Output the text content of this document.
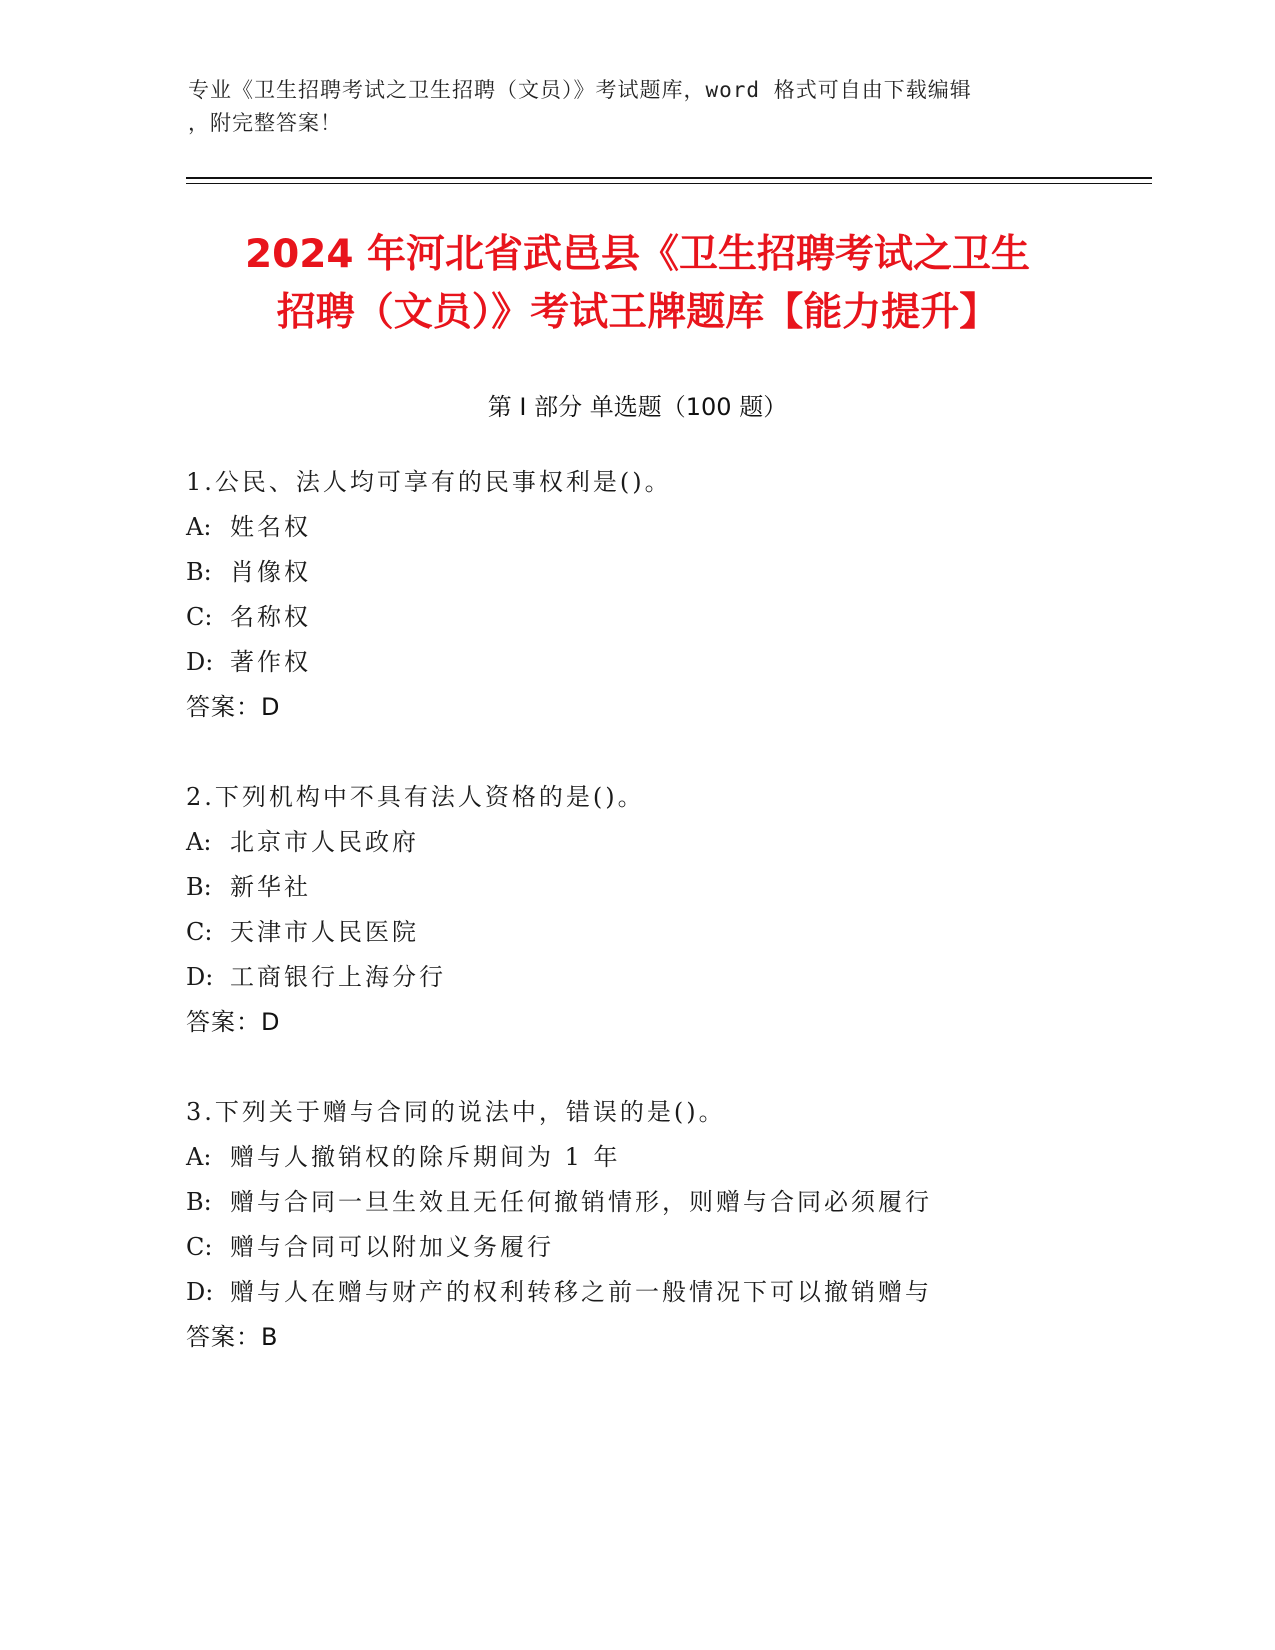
专业《卫生招聘考试之卫生招聘（文员）》考试题库，word 格式可自由下载编辑
，附完整答案！
2024 年河北省武邑县《卫生招聘考试之卫生
招聘（文员）》考试王牌题库【能力提升】
第 I 部分 单选题（100 题）
1.公民、法人均可享有的民事权利是()。
A: 姓名权
B: 肖像权
C: 名称权
D: 著作权
答案：D
2.下列机构中不具有法人资格的是()。
A: 北京市人民政府
B: 新华社
C: 天津市人民医院
D: 工商银行上海分行
答案：D
3.下列关于赠与合同的说法中，错误的是()。
A: 赠与人撤销权的除斥期间为 1 年
B: 赠与合同一旦生效且无任何撤销情形，则赠与合同必须履行
C: 赠与合同可以附加义务履行
D: 赠与人在赠与财产的权利转移之前一般情况下可以撤销赠与
答案：B
